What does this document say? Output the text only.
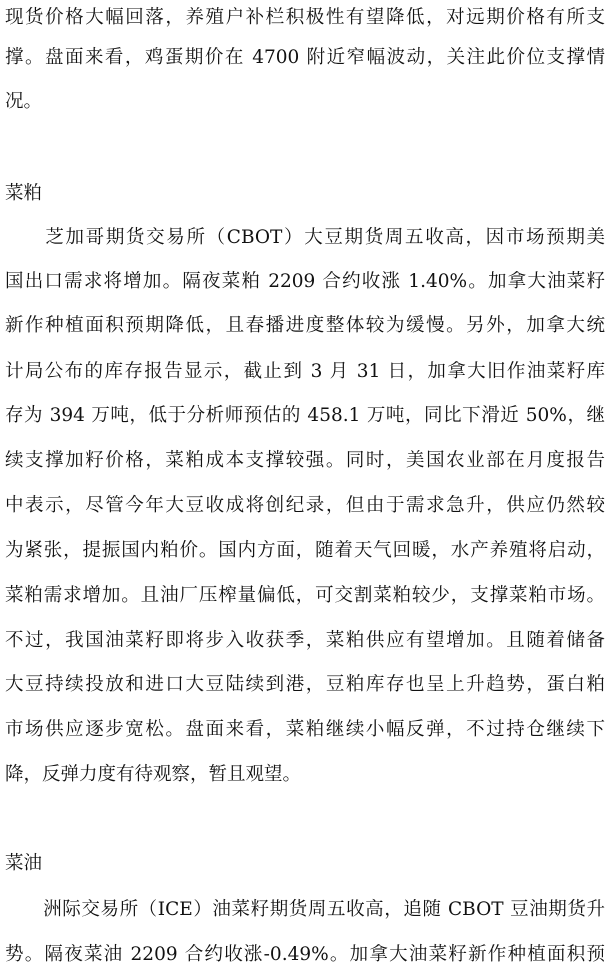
现货价格大幅回落，养殖户补栏积极性有望降低，对远期价格有所支
撑。盘面来看，鸡蛋期价在 4700 附近窄幅波动，关注此价位支撑情
况。
菜粕
　　芝加哥期货交易所（CBOT）大豆期货周五收高，因市场预期美
国出口需求将增加。隔夜菜粕 2209 合约收涨 1.40%。加拿大油菜籽
新作种植面积预期降低，且春播进度整体较为缓慢。另外，加拿大统
计局公布的库存报告显示，截止到 3 月 31 日，加拿大旧作油菜籽库
存为 394 万吨，低于分析师预估的 458.1 万吨，同比下滑近 50%，继
续支撑加籽价格，菜粕成本支撑较强。同时，美国农业部在月度报告
中表示，尽管今年大豆收成将创纪录，但由于需求急升，供应仍然较
为紧张，提振国内粕价。国内方面，随着天气回暖，水产养殖将启动，
菜粕需求增加。且油厂压榨量偏低，可交割菜粕较少，支撑菜粕市场。
不过，我国油菜籽即将步入收获季，菜粕供应有望增加。且随着储备
大豆持续投放和进口大豆陆续到港，豆粕库存也呈上升趋势，蛋白粕
市场供应逐步宽松。盘面来看，菜粕继续小幅反弹，不过持仓继续下
降，反弹力度有待观察，暂且观望。
菜油
　　洲际交易所（ICE）油菜籽期货周五收高，追随 CBOT 豆油期货升
势。隔夜菜油 2209 合约收涨-0.49%。加拿大油菜籽新作种植面积预
